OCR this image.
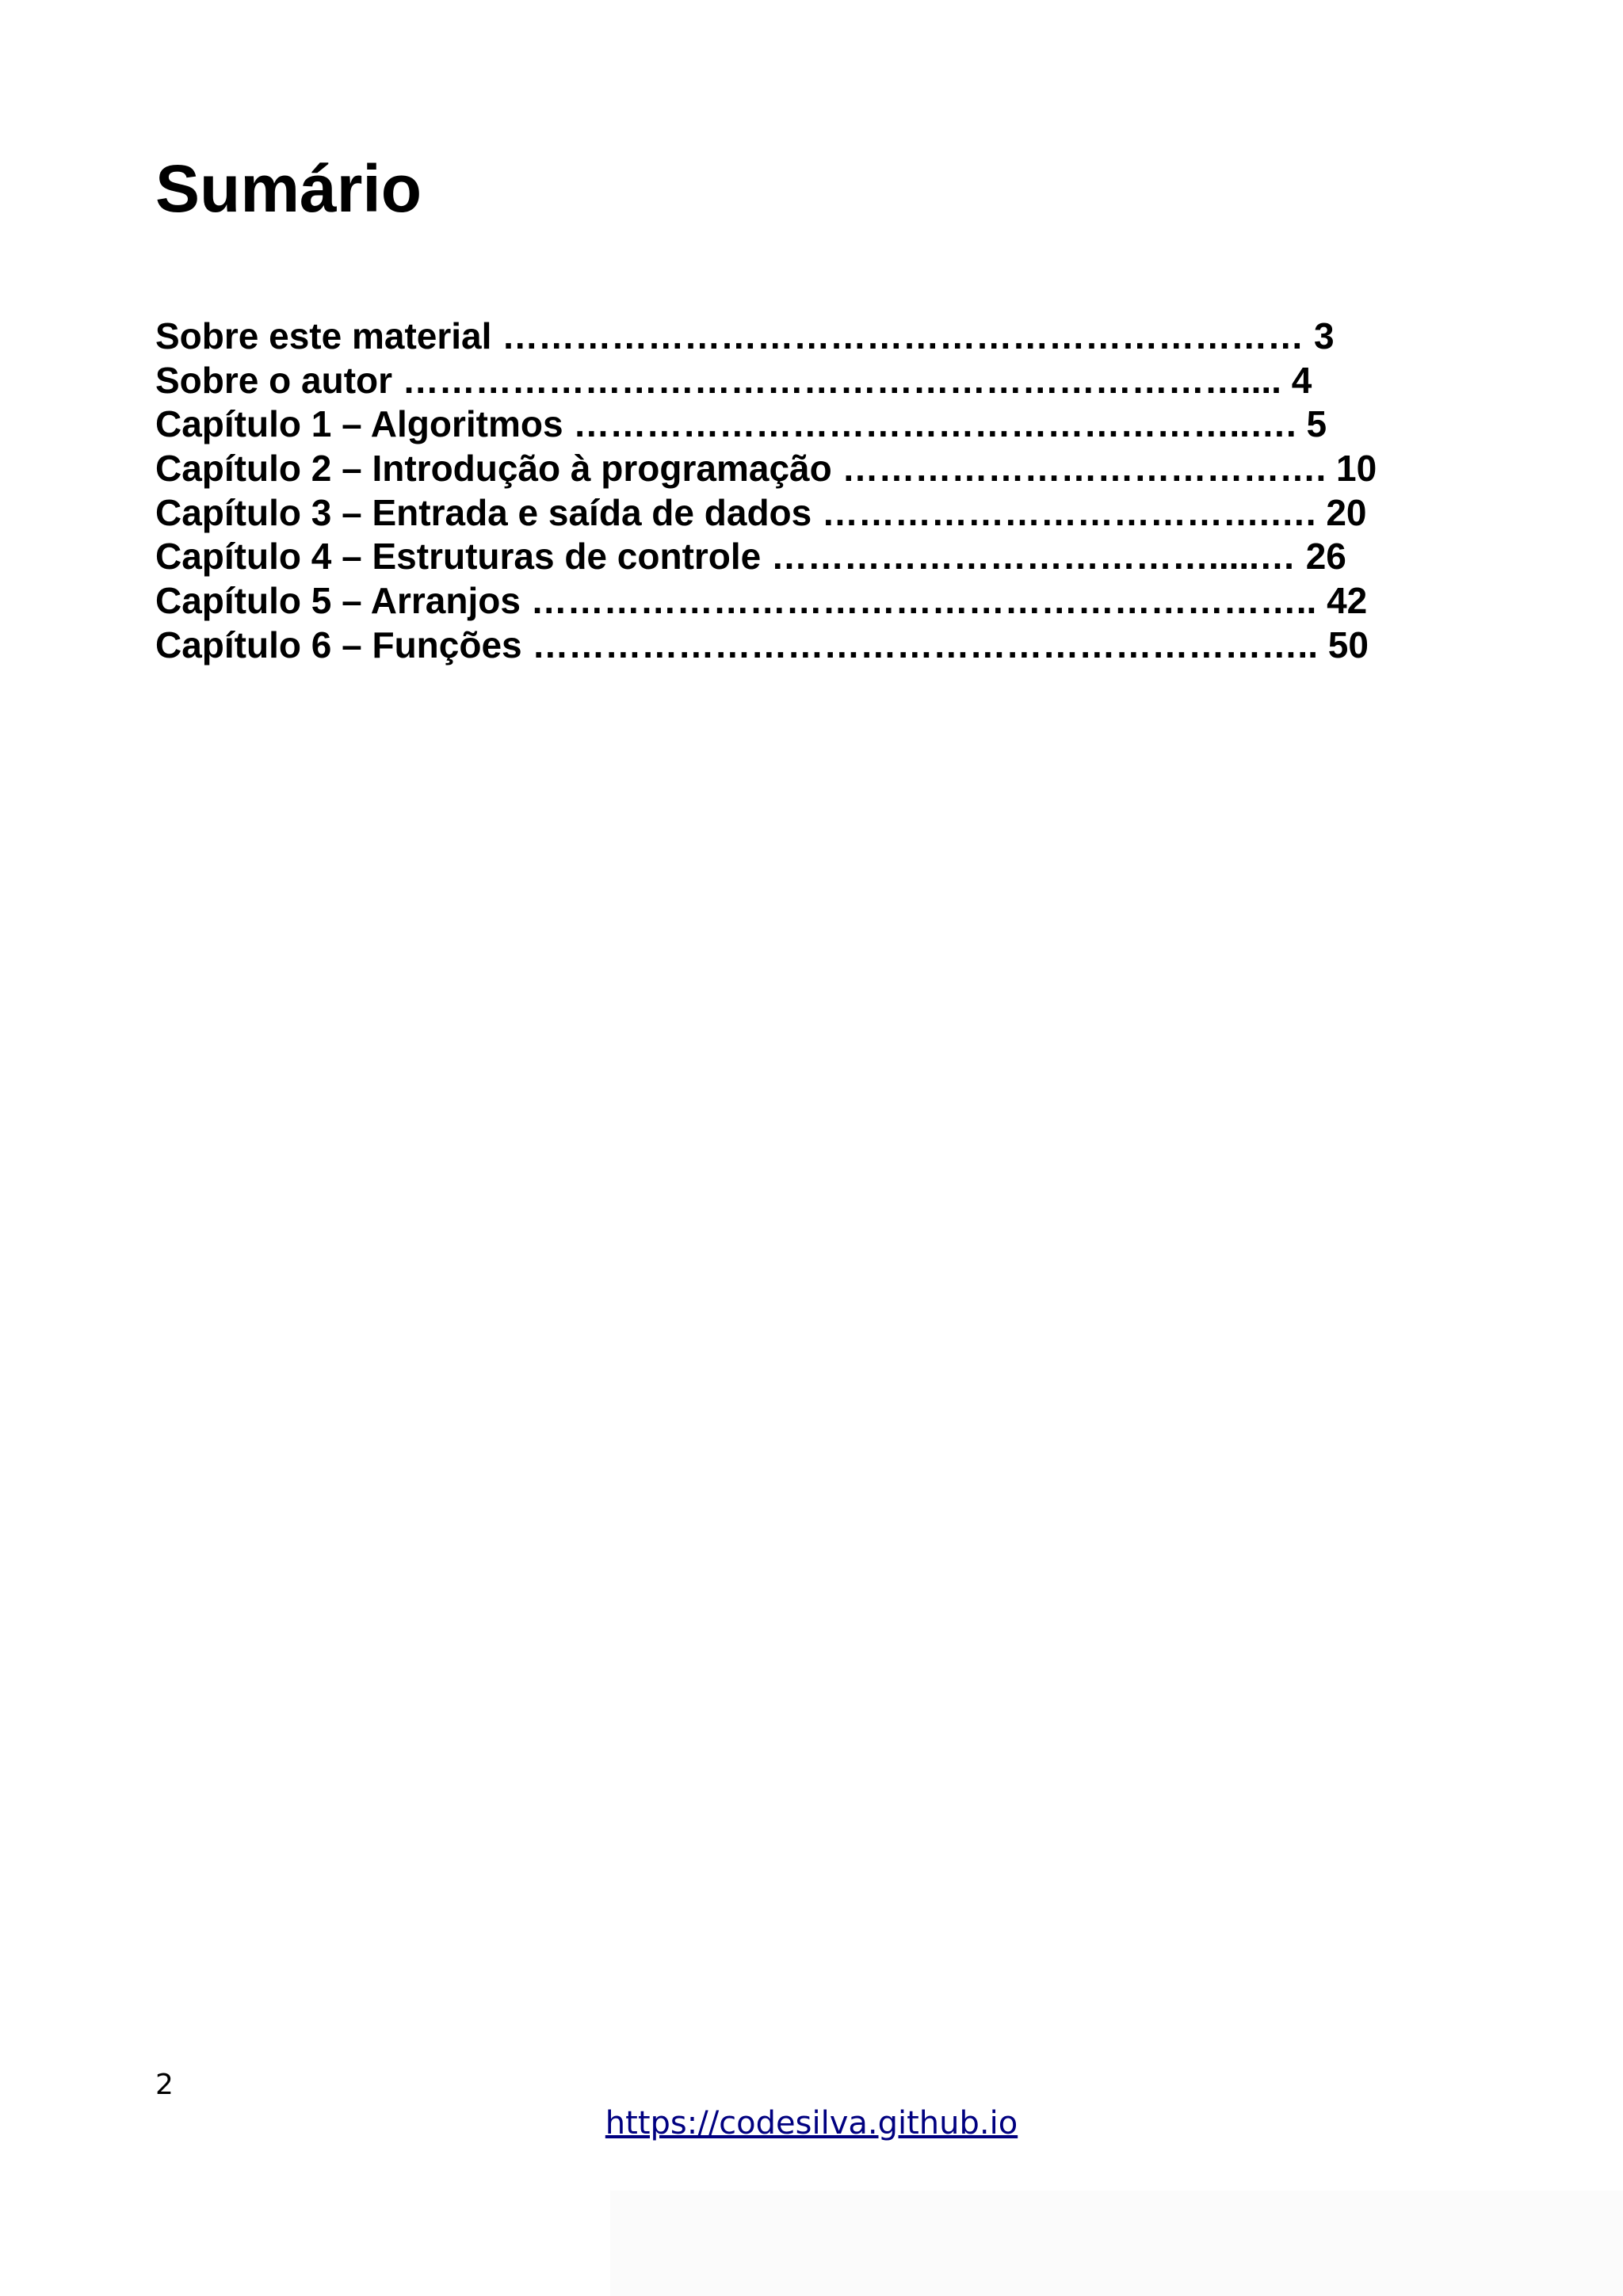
Sumário
Sobre este material ………………………………………………………… 3
Sobre o autor …………………………………………………………….... 4
Capítulo 1 – Algoritmos ………………………………………………..…. 5
Capítulo 2 – Introdução à programação …………………………………. 10
Capítulo 3 – Entrada e saída de dados ……………………………….…. 20
Capítulo 4 – Estruturas de controle ……………………………….....… 26
Capítulo 5 – Arranjos ……………………………………………………….. 42
Capítulo 6 – Funções ……………………………………………………….. 50
2
https://codesilva.github.io
